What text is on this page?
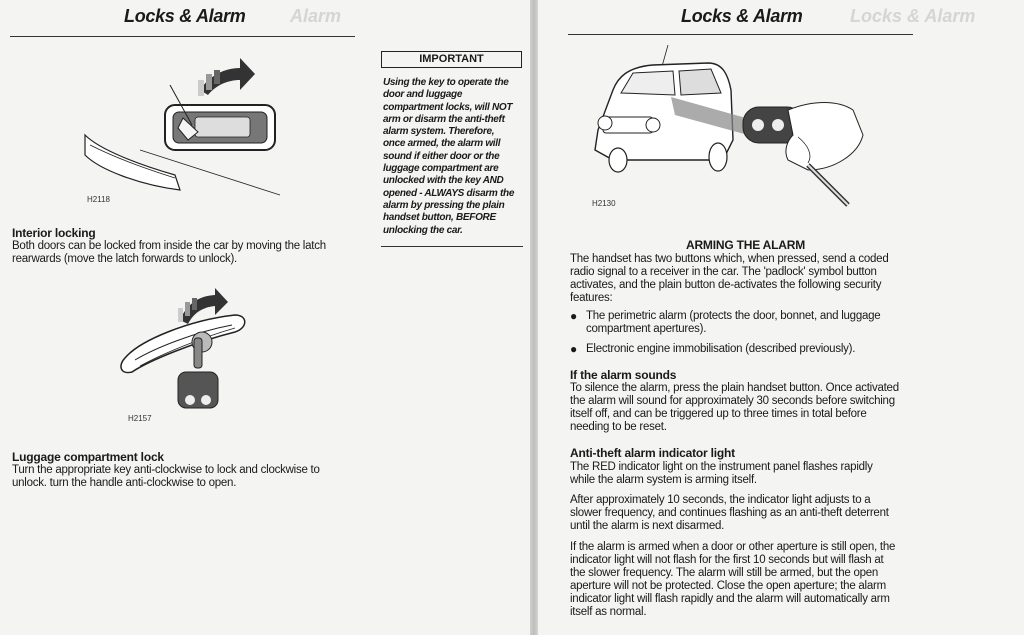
Alarm
Locks & Alarm
H2118
IMPORTANT
Using the key to operate the
door and luggage
compartment locks, will NOT
arm or disarm the anti-theft
alarm system. Therefore,
once armed, the alarm will
sound if either door or the
luggage compartment are
unlocked with the key AND
opened - ALWAYS disarm the
alarm by pressing the plain
handset button, BEFORE
unlocking the car.
Interior locking
Both doors can be locked from inside the car by moving the latch
rearwards (move the latch forwards to unlock).
H2157
Luggage compartment lock
Turn the appropriate key anti-clockwise to lock and clockwise to
unlock. turn the handle anti-clockwise to open.
Locks & Alarm
Locks & Alarm
H2130
ARMING THE ALARM
The handset has two buttons which, when pressed, send a coded
radio signal to a receiver in the car. The 'padlock' symbol button
activates, and the plain button de-activates the following security
features:
● The perimetric alarm (protects the door, bonnet, and luggage
compartment apertures).
● Electronic engine immobilisation (described previously).
If the alarm sounds
To silence the alarm, press the plain handset button. Once activated
the alarm will sound for approximately 30 seconds before switching
itself off, and can be triggered up to three times in total before
needing to be reset.
Anti-theft alarm indicator light
The RED indicator light on the instrument panel flashes rapidly
while the alarm system is arming itself.
After approximately 10 seconds, the indicator light adjusts to a
slower frequency, and continues flashing as an anti-theft deterrent
until the alarm is next disarmed.
If the alarm is armed when a door or other aperture is still open, the
indicator light will not flash for the first 10 seconds but will flash at
the slower frequency. The alarm will still be armed, but the open
aperture will not be protected. Close the open aperture; the alarm
indicator light will flash rapidly and the alarm will automatically arm
itself as normal.
